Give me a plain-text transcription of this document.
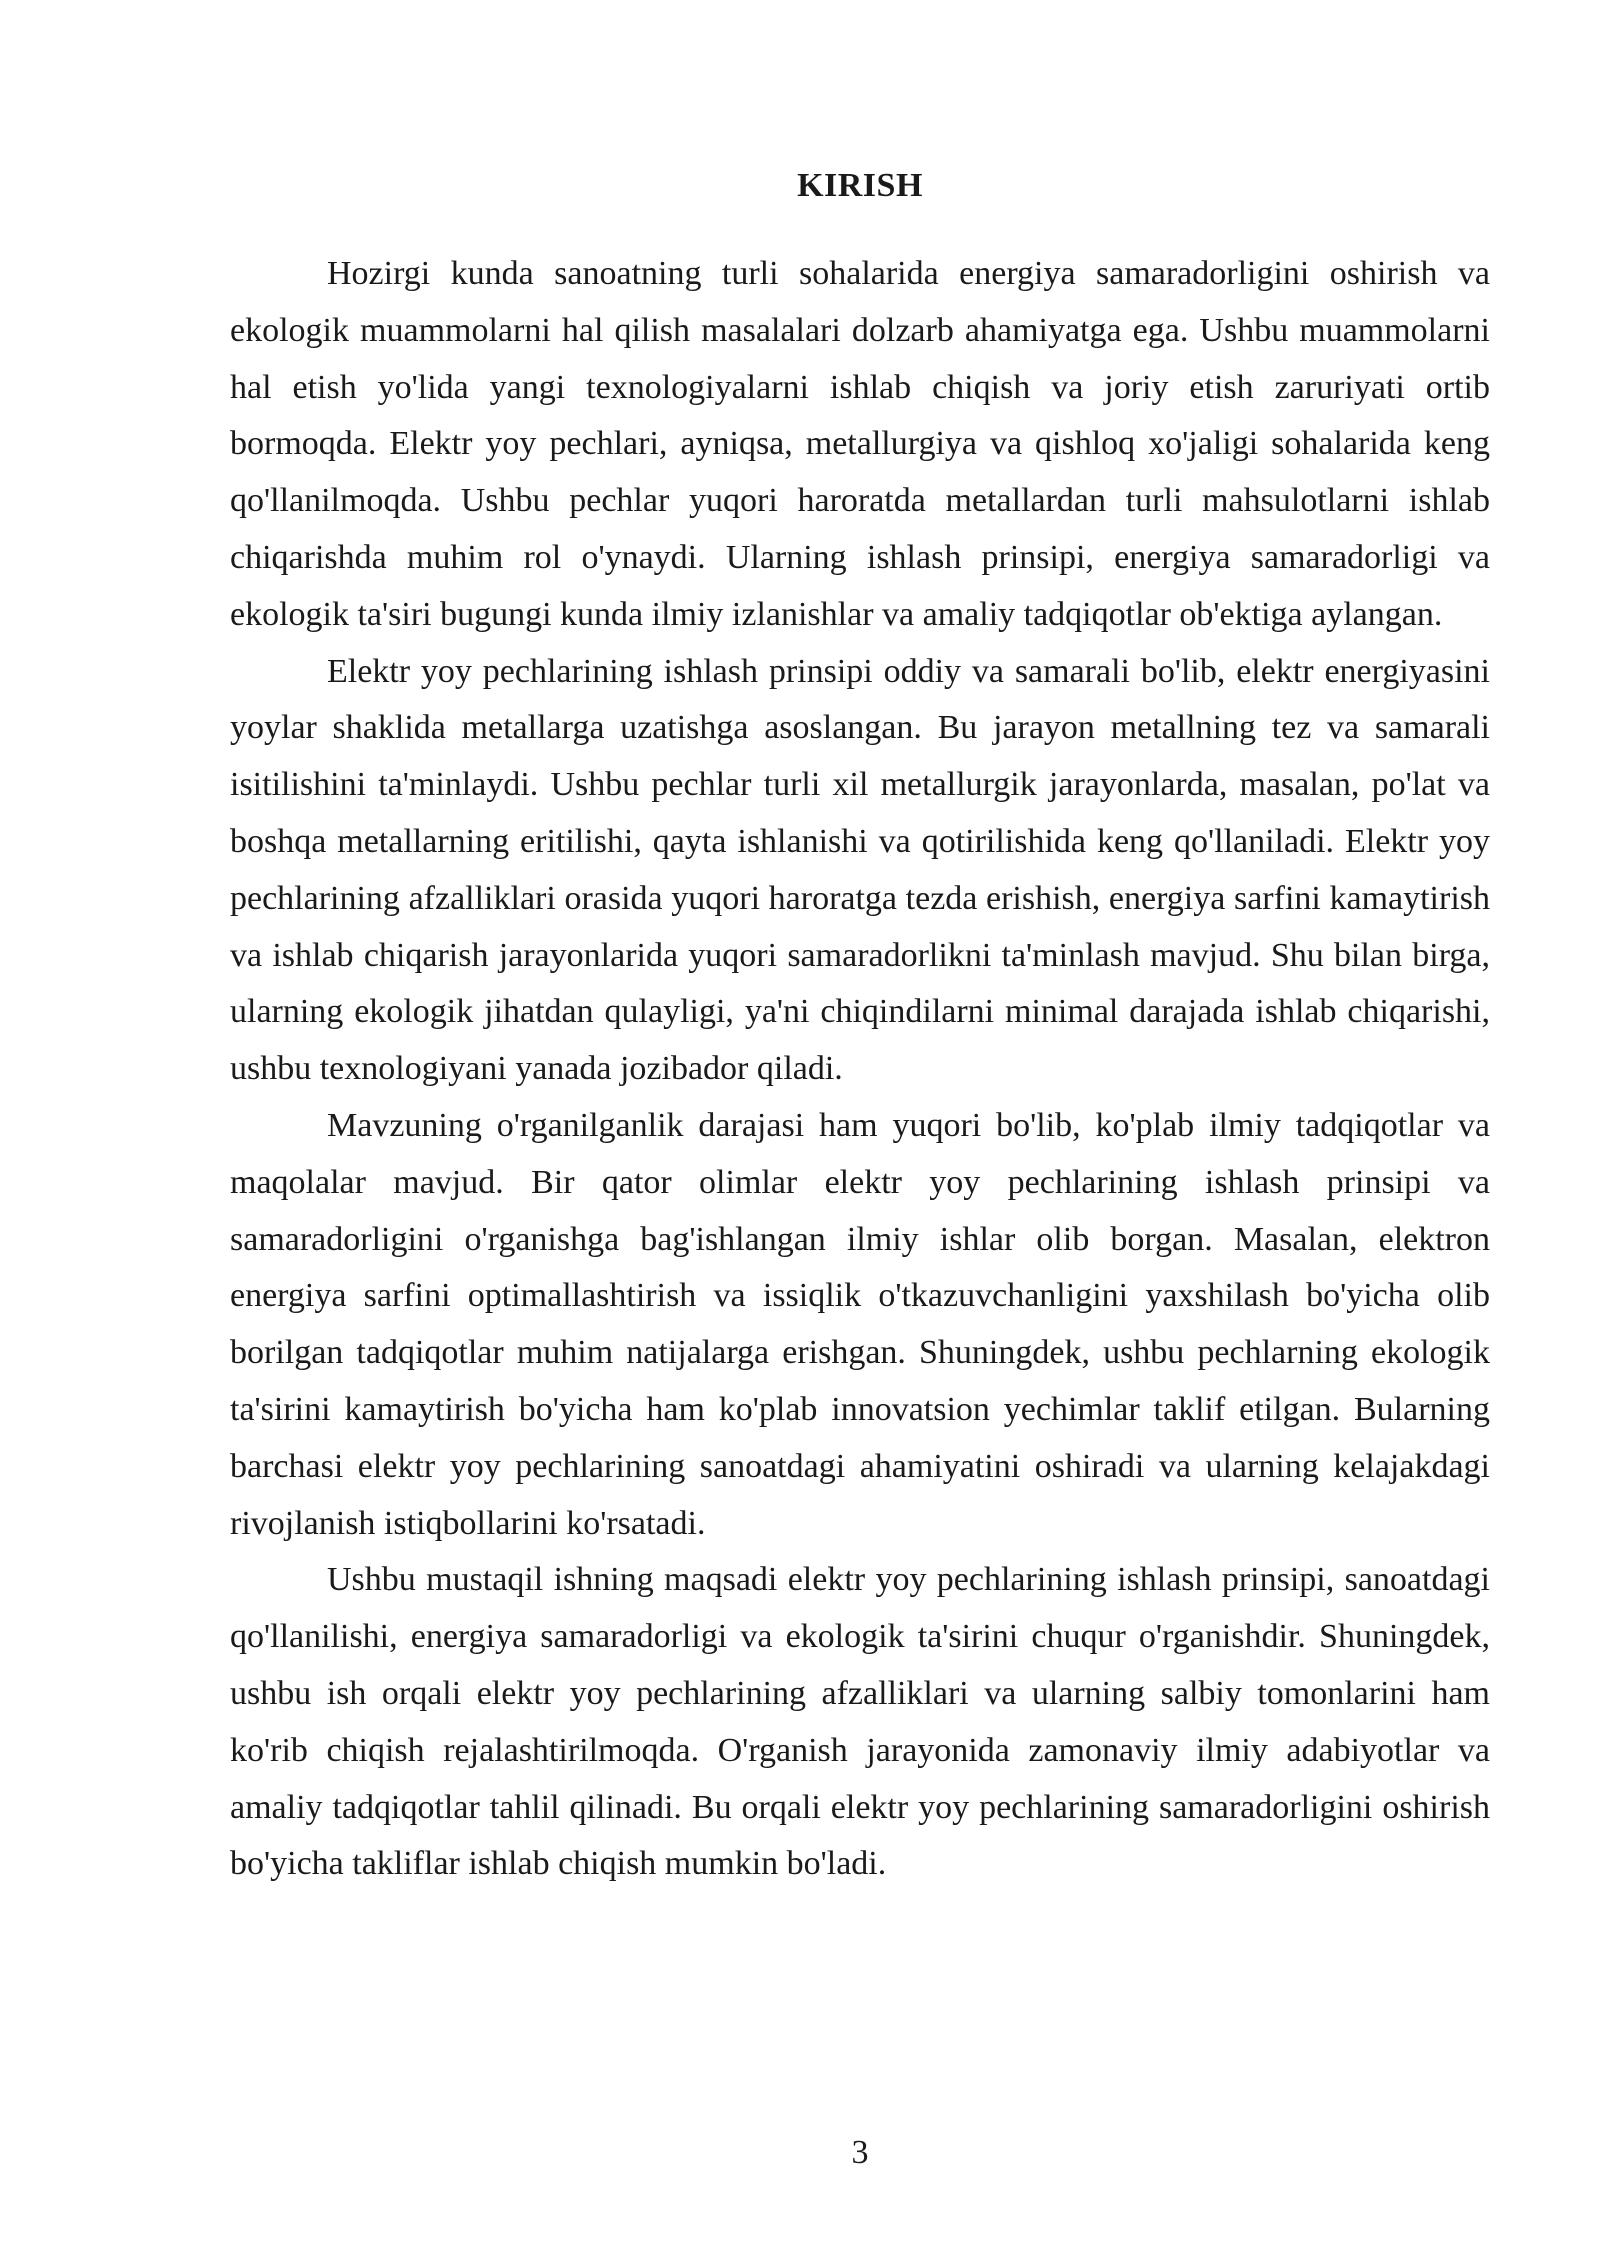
KIRISH

Hozirgi kunda sanoatning turli sohalarida energiya samaradorligini oshirish va ekologik muammolarni hal qilish masalalari dolzarb ahamiyatga ega. Ushbu muammolarni hal etish yo'lida yangi texnologiyalarni ishlab chiqish va joriy etish zaruriyati ortib bormoqda. Elektr yoy pechlari, ayniqsa, metallurgiya va qishloq xo'jaligi sohalarida keng qo'llanilmoqda. Ushbu pechlar yuqori haroratda metallardan turli mahsulotlarni ishlab chiqarishda muhim rol o'ynaydi. Ularning ishlash prinsipi, energiya samaradorligi va ekologik ta'siri bugungi kunda ilmiy izlanishlar va amaliy tadqiqotlar ob'ektiga aylangan.

Elektr yoy pechlarining ishlash prinsipi oddiy va samarali bo'lib, elektr energiyasini yoylar shaklida metallarga uzatishga asoslangan. Bu jarayon metallning tez va samarali isitilishini ta'minlaydi. Ushbu pechlar turli xil metallurgik jarayonlarda, masalan, po'lat va boshqa metallarning eritilishi, qayta ishlanishi va qotirilishida keng qo'llaniladi. Elektr yoy pechlarining afzalliklari orasida yuqori haroratga tezda erishish, energiya sarfini kamaytirish va ishlab chiqarish jarayonlarida yuqori samaradorlikni ta'minlash mavjud. Shu bilan birga, ularning ekologik jihatdan qulayligi, ya'ni chiqindilarni minimal darajada ishlab chiqarishi, ushbu texnologiyani yanada jozibador qiladi.

Mavzuning o'rganilganlik darajasi ham yuqori bo'lib, ko'plab ilmiy tadqiqotlar va maqolalar mavjud. Bir qator olimlar elektr yoy pechlarining ishlash prinsipi va samaradorligini o'rganishga bag'ishlangan ilmiy ishlar olib borgan. Masalan, elektron energiya sarfini optimallashtirish va issiqlik o'tkazuvchanligini yaxshilash bo'yicha olib borilgan tadqiqotlar muhim natijalarga erishgan. Shuningdek, ushbu pechlarning ekologik ta'sirini kamaytirish bo'yicha ham ko'plab innovatsion yechimlar taklif etilgan. Bularning barchasi elektr yoy pechlarining sanoatdagi ahamiyatini oshiradi va ularning kelajakdagi rivojlanish istiqbollarini ko'rsatadi.

Ushbu mustaqil ishning maqsadi elektr yoy pechlarining ishlash prinsipi, sanoatdagi qo'llanilishi, energiya samaradorligi va ekologik ta'sirini chuqur o'rganishdir. Shuningdek, ushbu ish orqali elektr yoy pechlarining afzalliklari va ularning salbiy tomonlarini ham ko'rib chiqish rejalashtirilmoqda. O'rganish jarayonida zamonaviy ilmiy adabiyotlar va amaliy tadqiqotlar tahlil qilinadi. Bu orqali elektr yoy pechlarining samaradorligini oshirish bo'yicha takliflar ishlab chiqish mumkin bo'ladi.

3
